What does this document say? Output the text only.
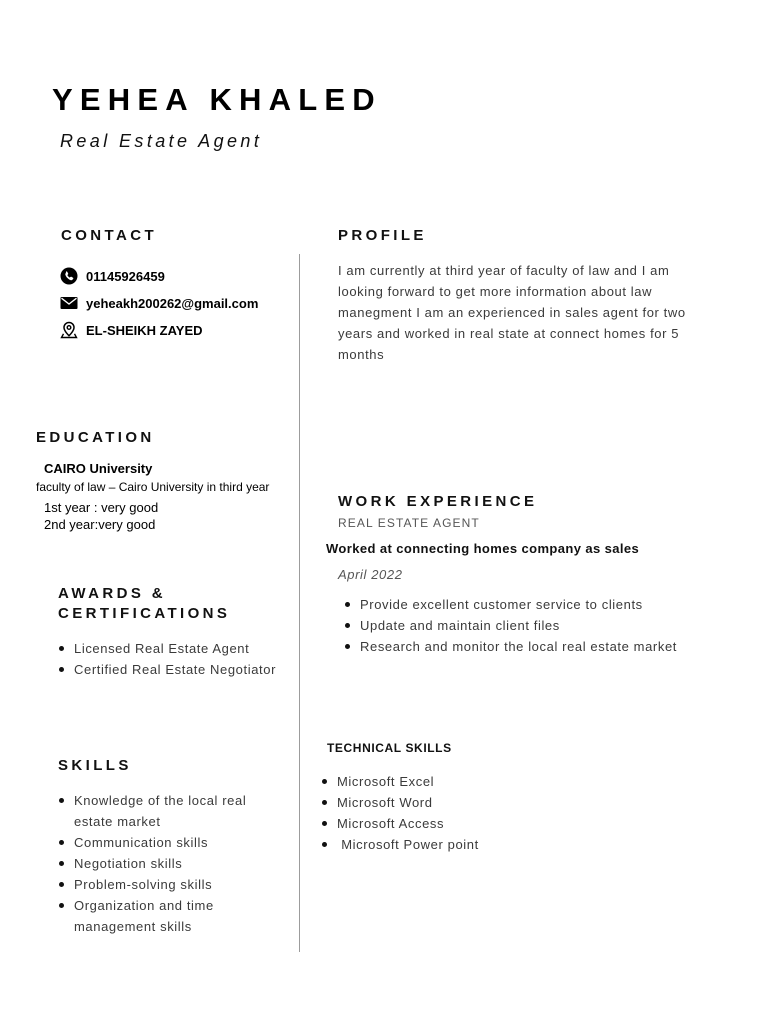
YEHEA KHALED
Real Estate Agent
CONTACT
01145926459
yeheakh200262@gmail.com
EL-SHEIKH ZAYED
PROFILE
I am currently at third year of faculty of law and I am looking forward to get more information about law manegment I am an experienced in sales agent for two years and worked in real state at connect homes for 5 months
EDUCATION
CAIRO University
faculty of law – Cairo University in third year
1st year : very good
2nd year:very good
AWARDS &
CERTIFICATIONS
Licensed Real Estate Agent
Certified Real Estate Negotiator
SKILLS
Knowledge of the local real estate market
Communication skills
Negotiation skills
Problem-solving skills
Organization and time management skills
WORK EXPERIENCE
REAL ESTATE AGENT
Worked at connecting homes company as sales
April 2022
Provide excellent customer service to clients
Update and maintain client files
Research and monitor the local real estate market
TECHNICAL SKILLS
Microsoft Excel
Microsoft Word
Microsoft Access
Microsoft Power point
